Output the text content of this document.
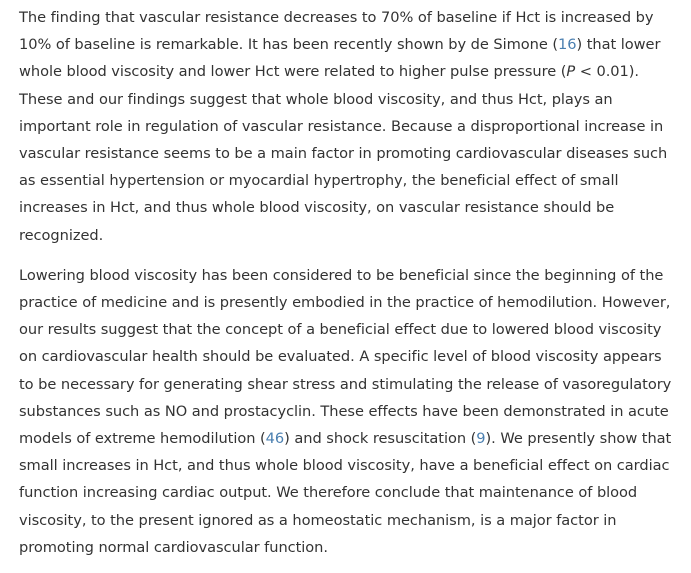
The finding that vascular resistance decreases to 70% of baseline if Hct is increased by 10% of baseline is remarkable. It has been recently shown by de Simone (16) that lower whole blood viscosity and lower Hct were related to higher pulse pressure (P < 0.01). These and our findings suggest that whole blood viscosity, and thus Hct, plays an important role in regulation of vascular resistance. Because a disproportional increase in vascular resistance seems to be a main factor in promoting cardiovascular diseases such as essential hypertension or myocardial hypertrophy, the beneficial effect of small increases in Hct, and thus whole blood viscosity, on vascular resistance should be recognized.

Lowering blood viscosity has been considered to be beneficial since the beginning of the practice of medicine and is presently embodied in the practice of hemodilution. However, our results suggest that the concept of a beneficial effect due to lowered blood viscosity on cardiovascular health should be evaluated. A specific level of blood viscosity appears to be necessary for generating shear stress and stimulating the release of vasoregulatory substances such as NO and prostacyclin. These effects have been demonstrated in acute models of extreme hemodilution (46) and shock resuscitation (9). We presently show that small increases in Hct, and thus whole blood viscosity, have a beneficial effect on cardiac function increasing cardiac output. We therefore conclude that maintenance of blood viscosity, to the present ignored as a homeostatic mechanism, is a major factor in promoting normal cardiovascular function.
